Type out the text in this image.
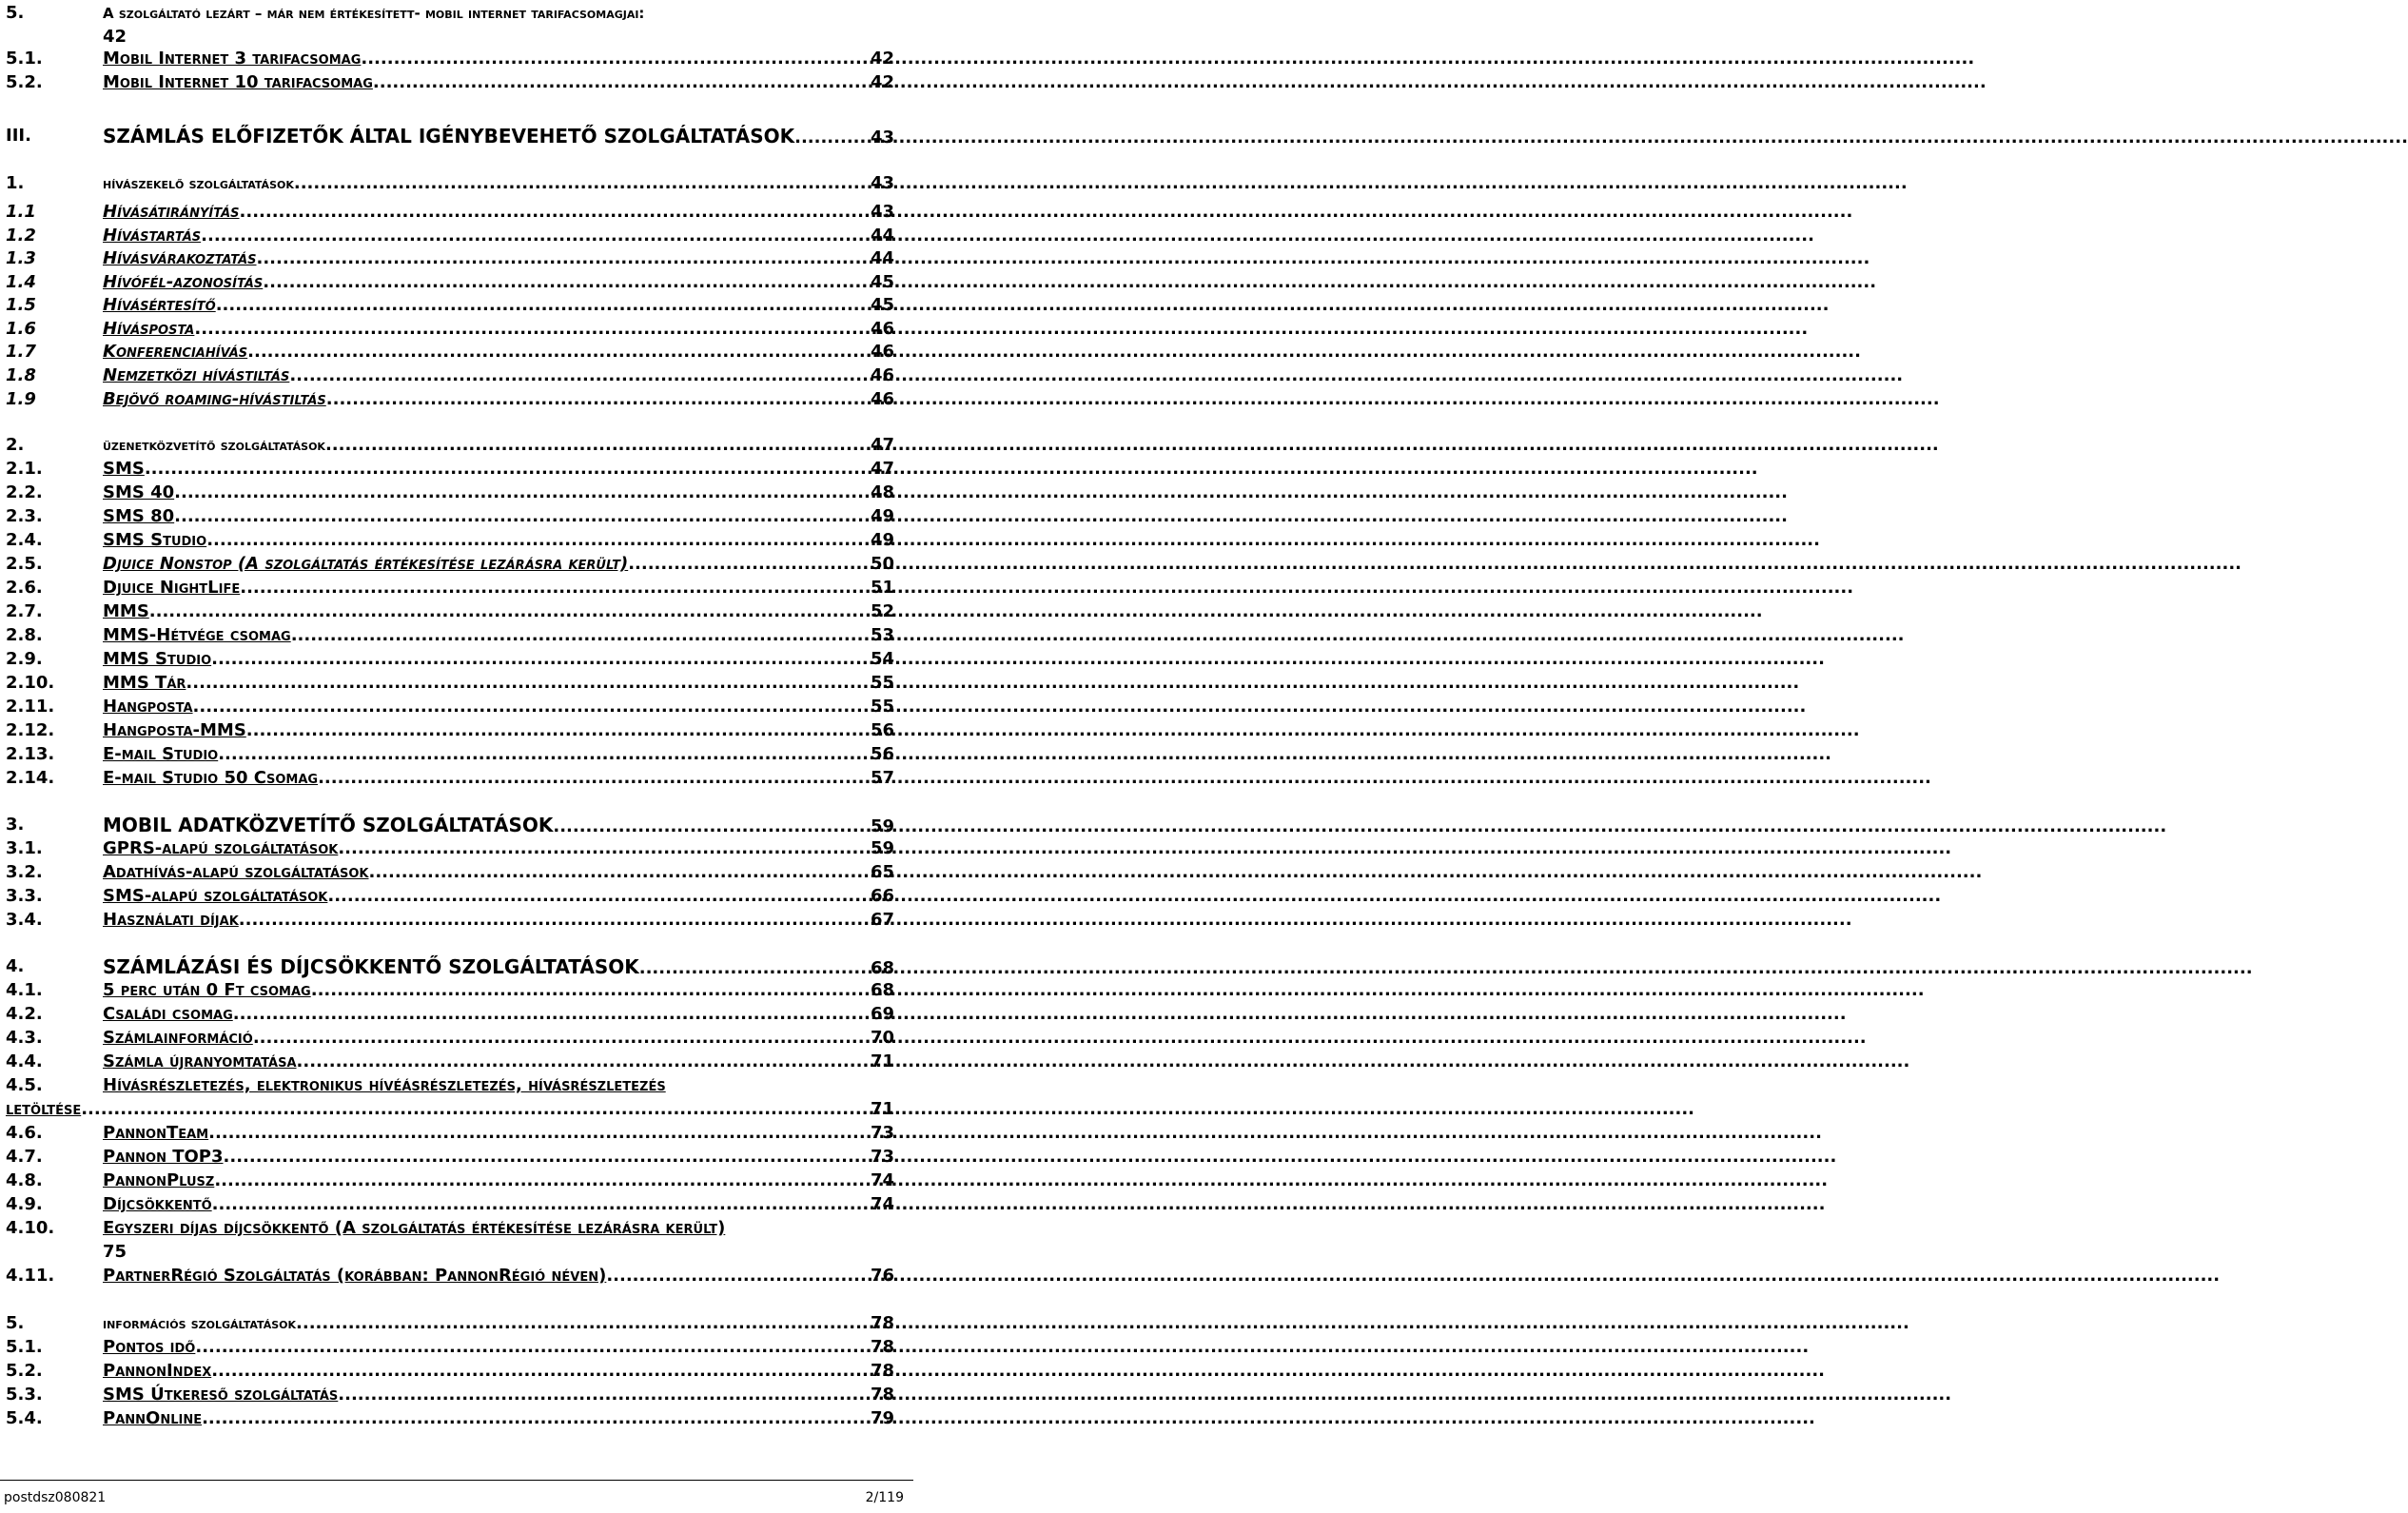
5.	A szolgáltató lezárt – már nem értékesített- mobil internet tarifacsomagjai:
42
5.1.	Mobil Internet 3 tarifacsomag .....	42
5.2.	Mobil Internet 10 tarifacsomag .....	42
III.	SZÁMLÁS ELŐFIZETŐK ÁLTAL IGÉNYBEVEHETŐ SZOLGÁLTATÁSOK .....	43
1.	hívászekelő szolgáltatások .....	43
1.1	Hívásátirányítás .....	43
1.2	Hívástartás .....	44
1.3	Hívásvárakoztatás .....	44
1.4	Hívófél-azonosítás .....	45
1.5	Hívásértesítő .....	45
1.6	Hívásposta .....	46
1.7	Konferenciahívás .....	46
1.8	Nemzetközi hívástiltás .....	46
1.9	Bejövő roaming-hívástiltás .....	46
2.	üzenetközvetítő szolgáltatások .....	47
2.1.	SMS .....	47
2.2.	SMS 40 .....	48
2.3.	SMS 80 .....	49
2.4.	SMS Studio .....	49
2.5.	Djuice Nonstop (A szolgáltatás értékesítése lezárásra került) .....	50
2.6.	Djuice NightLife .....	51
2.7.	MMS .....	52
2.8.	MMS-Hétvége csomag .....	53
2.9.	MMS Studio .....	54
2.10.	MMS Tár .....	55
2.11.	Hangposta .....	55
2.12.	Hangposta-MMS .....	56
2.13.	E-mail Studio .....	56
2.14.	E-mail Studio 50 Csomag .....	57
3.	MOBIL ADATKÖZVETÍTŐ SZOLGÁLTATÁSOK .....	59
3.1.	GPRS-alapú szolgáltatások .....	59
3.2.	Adathívás-alapú szolgáltatások .....	65
3.3.	SMS-alapú szolgáltatások .....	66
3.4.	Használati díjak .....	67
4.	SZÁMLÁZÁSI ÉS DÍJCSÖKKENTŐ SZOLGÁLTATÁSOK .....	68
4.1.	5 perc után 0 Ft csomag .....	68
4.2.	Családi csomag .....	69
4.3.	Számlainformáció .....	70
4.4.	Számla újranyomtatása .....	71
4.5.	Hívásrészletezés, elektronikus hívéásrészletezés, hívásrészletezés
letöltése .....	71
4.6.	PannonTeam .....	73
4.7.	Pannon TOP3 .....	73
4.8.	PannonPlusz .....	74
4.9.	Díjcsökkentő .....	74
4.10.	Egyszeri díjas díjcsökkentő (A szolgáltatás értékesítése lezárásra került)
75
4.11.	PartnerRégió Szolgáltatás (korábban: PannonRégió néven) .....	76
5.	információs szolgáltatások .....	78
5.1.	Pontos idő .....	78
5.2.	PannonIndex .....	78
5.3.	SMS Útkereső szolgáltatás .....	78
5.4.	PannOnline .....	79
postdsz080821	2/119
